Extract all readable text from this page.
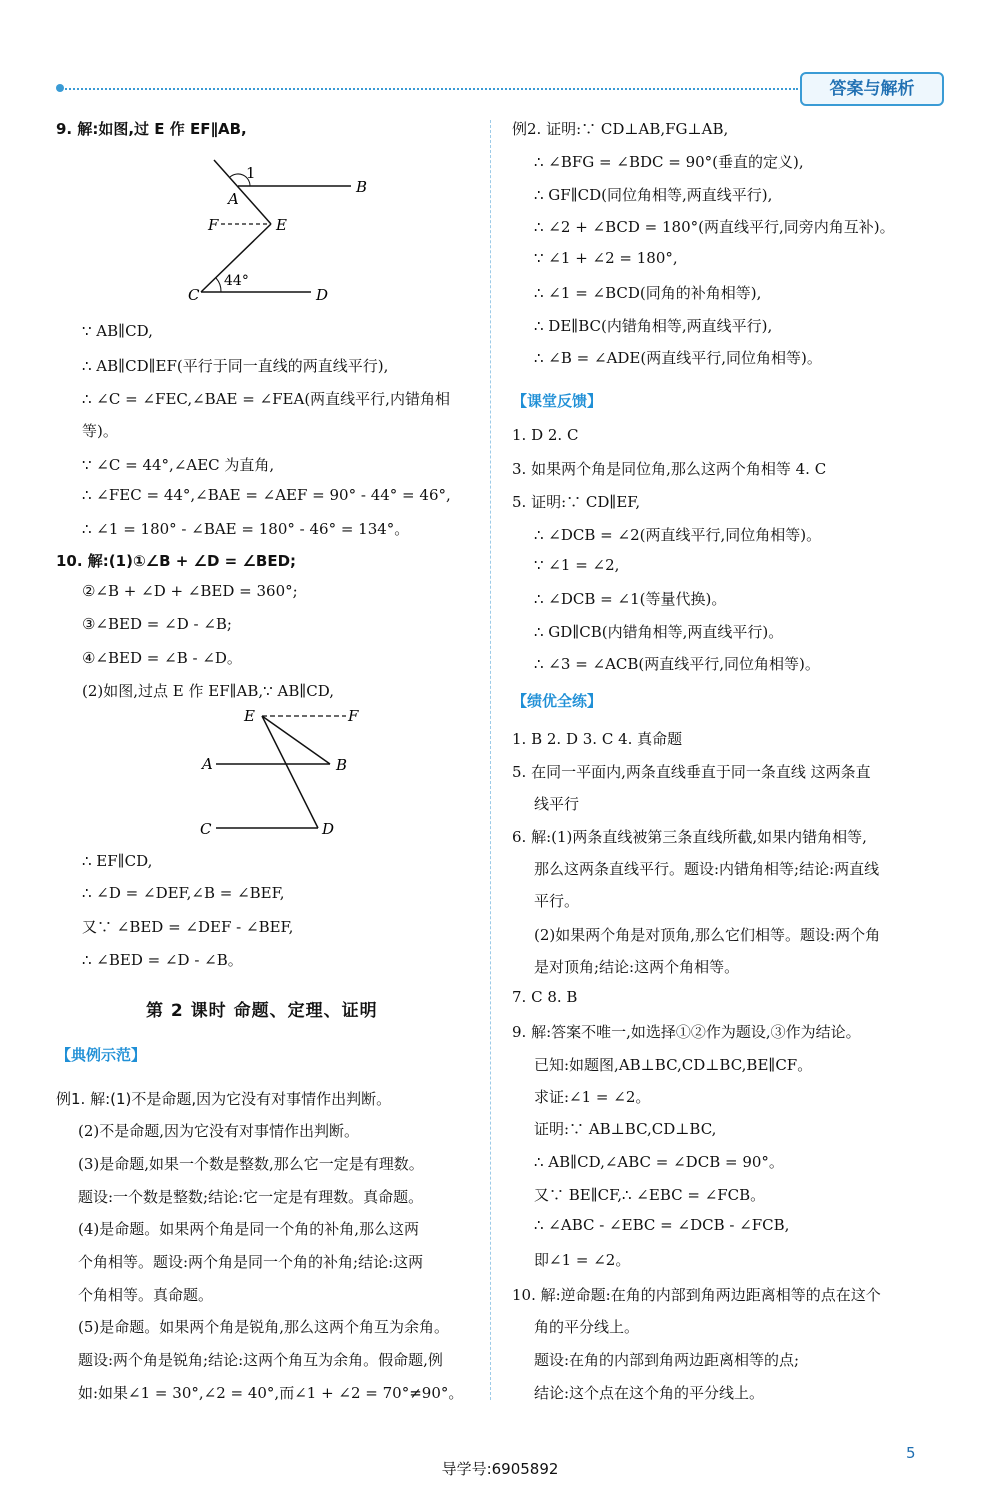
答案与解析
9. 解:如图,过 E 作 EF∥AB,
1
A
B
F	E
C	D
44°
∵ AB∥CD,
∴ AB∥CD∥EF(平行于同一直线的两直线平行),
∴ ∠C = ∠FEC,∠BAE = ∠FEA(两直线平行,内错角相
等)。
∵ ∠C = 44°,∠AEC 为直角,
∴ ∠FEC = 44°,∠BAE = ∠AEF = 90° - 44° = 46°,
∴ ∠1 = 180° - ∠BAE = 180° - 46° = 134°。
10. 解:(1)①∠B + ∠D = ∠BED;
②∠B + ∠D + ∠BED = 360°;
③∠BED = ∠D - ∠B;
④∠BED = ∠B - ∠D。
(2)如图,过点 E 作 EF∥AB,∵ AB∥CD,
E	F
A	B
C	D
∴ EF∥CD,
∴ ∠D = ∠DEF,∠B = ∠BEF,
又∵ ∠BED = ∠DEF - ∠BEF,
∴ ∠BED = ∠D - ∠B。
第 2 课时 命题、定理、证明
【典例示范】
例1. 解:(1)不是命题,因为它没有对事情作出判断。
(2)不是命题,因为它没有对事情作出判断。
(3)是命题,如果一个数是整数,那么它一定是有理数。
题设:一个数是整数;结论:它一定是有理数。真命题。
(4)是命题。如果两个角是同一个角的补角,那么这两
个角相等。题设:两个角是同一个角的补角;结论:这两
个角相等。真命题。
(5)是命题。如果两个角是锐角,那么这两个角互为余角。
题设:两个角是锐角;结论:这两个角互为余角。假命题,例
如:如果∠1 = 30°,∠2 = 40°,而∠1 + ∠2 = 70°≠90°。
例2. 证明:∵ CD⊥AB,FG⊥AB,
∴ ∠BFG = ∠BDC = 90°(垂直的定义),
∴ GF∥CD(同位角相等,两直线平行),
∴ ∠2 + ∠BCD = 180°(两直线平行,同旁内角互补)。
∵ ∠1 + ∠2 = 180°,
∴ ∠1 = ∠BCD(同角的补角相等),
∴ DE∥BC(内错角相等,两直线平行),
∴ ∠B = ∠ADE(两直线平行,同位角相等)。
【课堂反馈】
1. D 2. C
3. 如果两个角是同位角,那么这两个角相等 4. C
5. 证明:∵ CD∥EF,
∴ ∠DCB = ∠2(两直线平行,同位角相等)。
∵ ∠1 = ∠2,
∴ ∠DCB = ∠1(等量代换)。
∴ GD∥CB(内错角相等,两直线平行)。
∴ ∠3 = ∠ACB(两直线平行,同位角相等)。
【绩优全练】
1. B 2. D 3. C 4. 真命题
5. 在同一平面内,两条直线垂直于同一条直线 这两条直
线平行
6. 解:(1)两条直线被第三条直线所截,如果内错角相等,
那么这两条直线平行。题设:内错角相等;结论:两直线
平行。
(2)如果两个角是对顶角,那么它们相等。题设:两个角
是对顶角;结论:这两个角相等。
7. C 8. B
9. 解:答案不唯一,如选择①②作为题设,③作为结论。
已知:如题图,AB⊥BC,CD⊥BC,BE∥CF。
求证:∠1 = ∠2。
证明:∵ AB⊥BC,CD⊥BC,
∴ AB∥CD,∠ABC = ∠DCB = 90°。
又∵ BE∥CF,∴ ∠EBC = ∠FCB。
∴ ∠ABC - ∠EBC = ∠DCB - ∠FCB,
即∠1 = ∠2。
10. 解:逆命题:在角的内部到角两边距离相等的点在这个
角的平分线上。
题设:在角的内部到角两边距离相等的点;
结论:这个点在这个角的平分线上。
导学号:6905892
5
